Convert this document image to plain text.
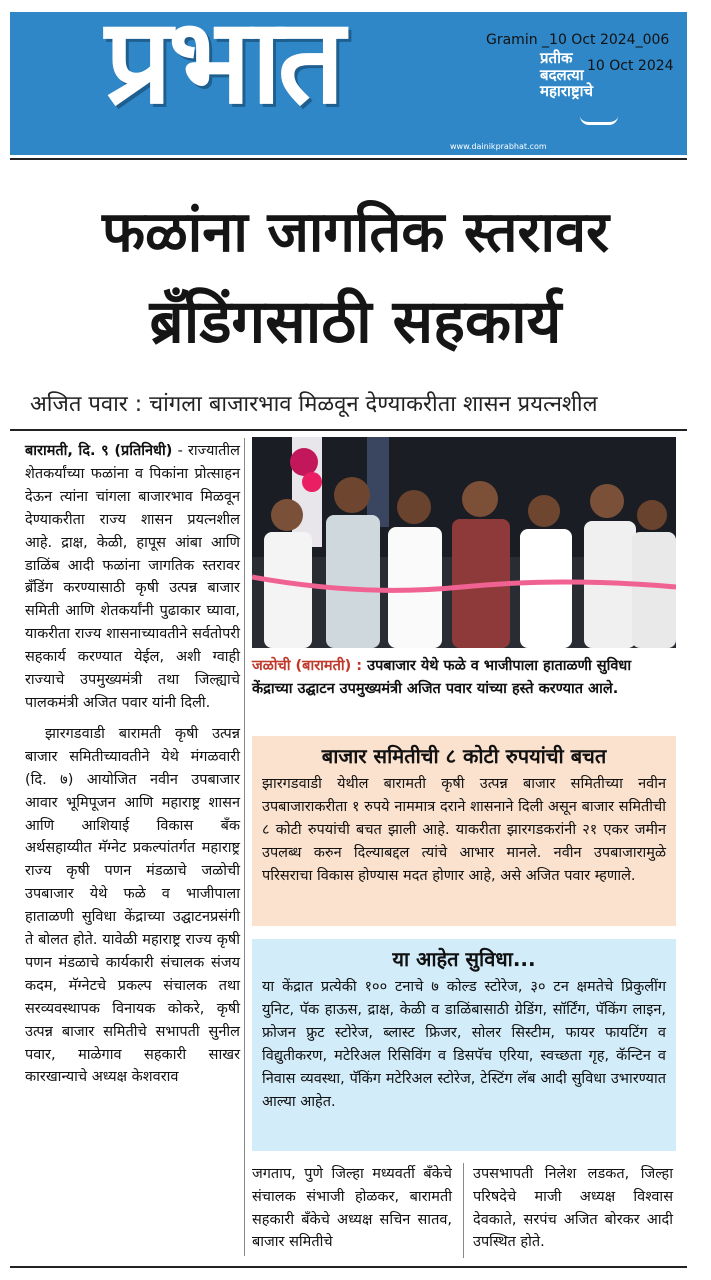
प्रभात	प्रतीक
बदलत्या
महाराष्ट्राचे
www.dainikprabhat.com
Gramin _10 Oct 2024_006
10 Oct 2024
फळांना जागतिक स्तरावर
ब्रॅंडिंगसाठी सहकार्य
अजित पवार : चांगला बाजारभाव मिळवून देण्याकरीता शासन प्रयत्नशील

बारामती, दि. ९ (प्रतिनिधी) - राज्यातील शेतकर्यांच्या फळांना व पिकांना प्रोत्साहन देऊन त्यांना चांगला बाजारभाव मिळवून देण्याकरीता राज्य शासन प्रयत्नशील आहे. द्राक्ष, केळी, हापूस आंबा आणि डाळिंब आदी फळांना जागतिक स्तरावर ब्रॅंडिंग करण्यासाठी कृषी उत्पन्न बाजार समिती आणि शेतकर्यांनी पुढाकार घ्यावा, याकरीता राज्य शासनाच्यावतीने सर्वतोपरी सहकार्य करण्यात येईल, अशी ग्वाही राज्याचे उपमुख्यमंत्री तथा जिल्ह्याचे पालकमंत्री अजित पवार यांनी दिली.

झारगडवाडी बारामती कृषी उत्पन्न बाजार समितीच्यावतीने येथे मंगळवारी (दि. ७) आयोजित नवीन उपबाजार आवार भूमिपूजन आणि महाराष्ट्र शासन आणि आशियाई विकास बँक अर्थसहाय्यीत मॅग्नेट प्रकल्पांतर्गत महाराष्ट्र राज्य कृषी पणन मंडळाचे जळोची उपबाजार येथे फळे व भाजीपाला हाताळणी सुविधा केंद्राच्या उद्घाटनप्रसंगी ते बोलत होते. यावेळी महाराष्ट्र राज्य कृषी पणन मंडळाचे कार्यकारी संचालक संजय कदम, मॅग्नेटचे प्रकल्प संचालक तथा सरव्यवस्थापक विनायक कोकरे, कृषी उत्पन्न बाजार समितीचे सभापती सुनील पवार, माळेगाव सहकारी साखर कारखान्याचे अध्यक्ष केशवराव

जळोची (बारामती) : उपबाजार येथे फळे व भाजीपाला हाताळणी सुविधा केंद्राच्या उद्घाटन उपमुख्यमंत्री अजित पवार यांच्या हस्ते करण्यात आले.
बाजार समितीची ८ कोटी रुपयांची बचत
झारगडवाडी येथील बारामती कृषी उत्पन्न बाजार समितीच्या नवीन उपबाजाराकरीता १ रुपये नाममात्र दराने शासनाने दिली असून बाजार समितीची ८ कोटी रुपयांची बचत झाली आहे. याकरीता झारगडकरांनी २१ एकर जमीन उपलब्ध करुन दिल्याबद्दल त्यांचे आभार मानले. नवीन उपबाजारामुळे परिसराचा विकास होण्यास मदत होणार आहे, असे अजित पवार म्हणाले.
या आहेत सुविधा...
या केंद्रात प्रत्येकी १०० टनाचे ७ कोल्ड स्टोरेज, ३० टन क्षमतेचे प्रिकुलींग युनिट, पॅक हाऊस, द्राक्ष, केळी व डाळिंबासाठी ग्रेडिंग, सॉर्टिंग, पॅकिंग लाइन, फ्रोजन फ्रुट स्टोरेज, ब्लास्ट फ्रिजर, सोलर सिस्टीम, फायर फायटिंग व विद्युतीकरण, मटेरिअल रिसिविंग व डिसपॅच एरिया, स्वच्छता गृह, कॅन्टिन व निवास व्यवस्था, पॅकिंग मटेरिअल स्टोरेज, टेस्टिंग लॅब आदी सुविधा उभारण्यात आल्या आहेत.
जगताप, पुणे जिल्हा मध्यवर्ती बँकेचे संचालक संभाजी होळकर, बारामती सहकारी बँकेचे अध्यक्ष सचिन सातव, बाजार समितीचे
उपसभापती निलेश लडकत, जिल्हा परिषदेचे माजी अध्यक्ष विश्वास देवकाते, सरपंच अजित बोरकर आदी उपस्थित होते.
